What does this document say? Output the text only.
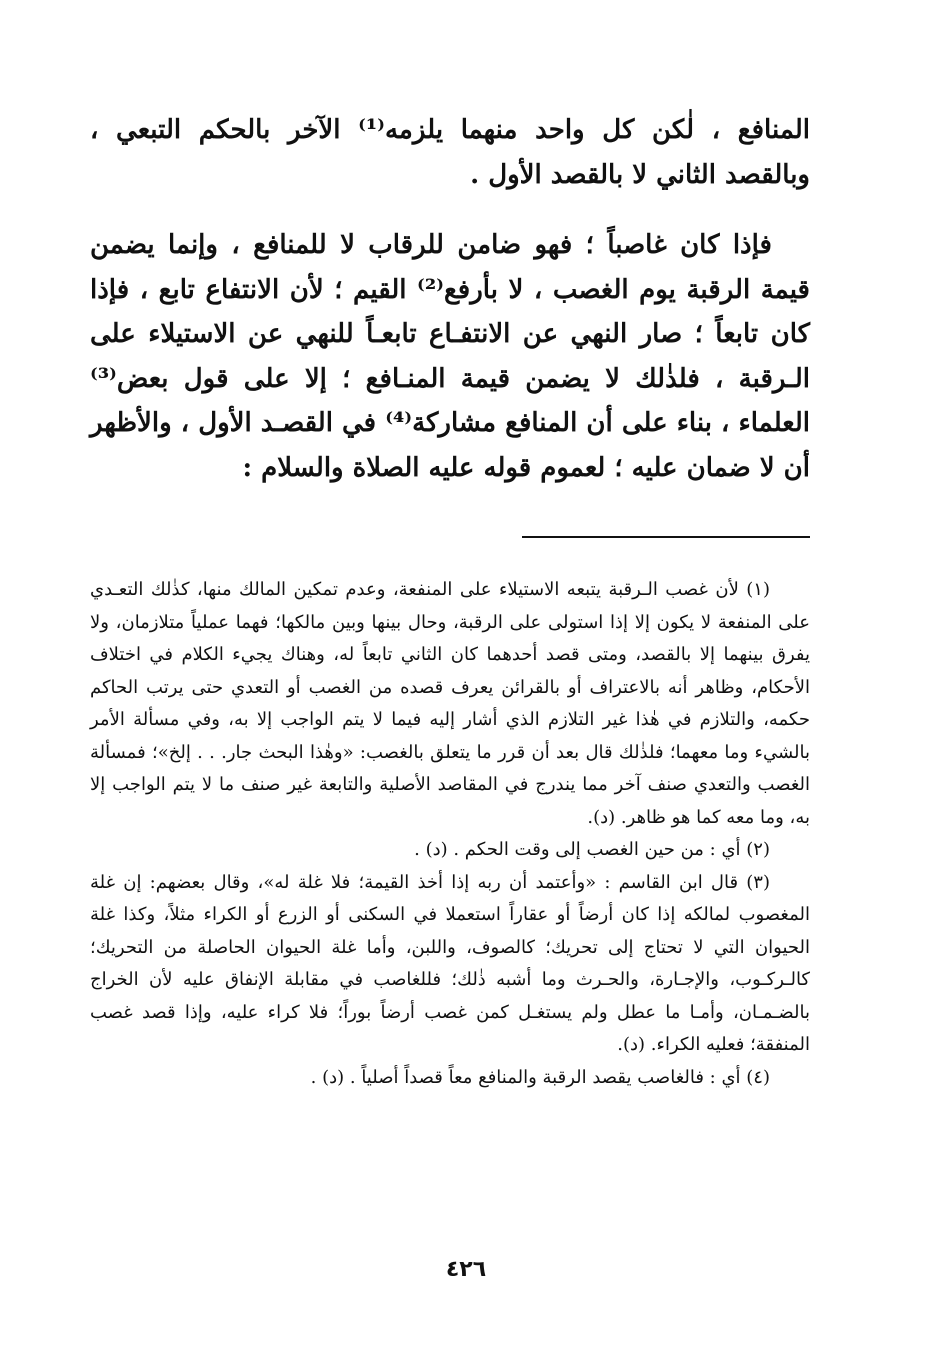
المنافع ، لٰكن كل واحد منهما يلزمه⁽¹⁾ الآخر بالحكم التبعي ، وبالقصد الثاني لا بالقصد الأول .

فإذا كان غاصباً ؛ فهو ضامن للرقاب لا للمنافع ، وإنما يضمن قيمة الرقبة يوم الغصب ، لا بأرفع⁽²⁾ القيم ؛ لأن الانتفاع تابع ، فإذا كان تابعاً ؛ صار النهي عن الانتفـاع تابعـاً للنهي عن الاستيلاء على الـرقبة ، فلذٰلك لا يضمن قيمة المنـافع ؛ إلا على قول بعض⁽³⁾ العلماء ، بناء على أن المنافع مشاركة⁽⁴⁾ في القصـد الأول ، والأظهر أن لا ضمان عليه ؛ لعموم قوله عليه الصلاة والسلام :

(١) لأن غصب الـرقبة يتبعه الاستيلاء على المنفعة، وعدم تمكين المالك منها، كذٰلك التعـدي على المنفعة لا يكون إلا إذا استولى على الرقبة، وحال بينها وبين مالكها؛ فهما عملياً متلازمان، ولا يفرق بينهما إلا بالقصد، ومتى قصد أحدهما كان الثاني تابعاً له، وهناك يجيء الكلام في اختلاف الأحكام، وظاهر أنه بالاعتراف أو بالقرائن يعرف قصده من الغصب أو التعدي حتى يرتب الحاكم حكمه، والتلازم في هٰذا غير التلازم الذي أشار إليه فيما لا يتم الواجب إلا به، وفي مسألة الأمر بالشيء وما معهما؛ فلذٰلك قال بعد أن قرر ما يتعلق بالغصب: «وهٰذا البحث جار. . . إلخ»؛ فمسألة الغصب والتعدي صنف آخر مما يندرج في المقاصد الأصلية والتابعة غير صنف ما لا يتم الواجب إلا به، وما معه كما هو ظاهر. (د).

(٢) أي : من حين الغصب إلى وقت الحكم . (د) .

(٣) قال ابن القاسم : «وأعتمد أن ربه إذا أخذ القيمة؛ فلا غلة له»، وقال بعضهم: إن غلة المغصوب لمالكه إذا كان أرضاً أو عقاراً استعملا في السكنى أو الزرع أو الكراء مثلاً، وكذا غلة الحيوان التي لا تحتاج إلى تحريك؛ كالصوف، واللبن، وأما غلة الحيوان الحاصلة من التحريك؛ كالـركـوب، والإجـارة، والحـرث وما أشبه ذٰلك؛ فللغاصب في مقابلة الإنفاق عليه لأن الخراج بالضـمـان، وأمـا ما عطل ولم يستغـل كمن غصب أرضاً بوراً؛ فلا كراء عليه، وإذا قصد غصب المنفقة؛ فعليه الكراء. (د).

(٤) أي : فالغاصب يقصد الرقبة والمنافع معاً قصداً أصلياً . (د) .

٤٢٦
